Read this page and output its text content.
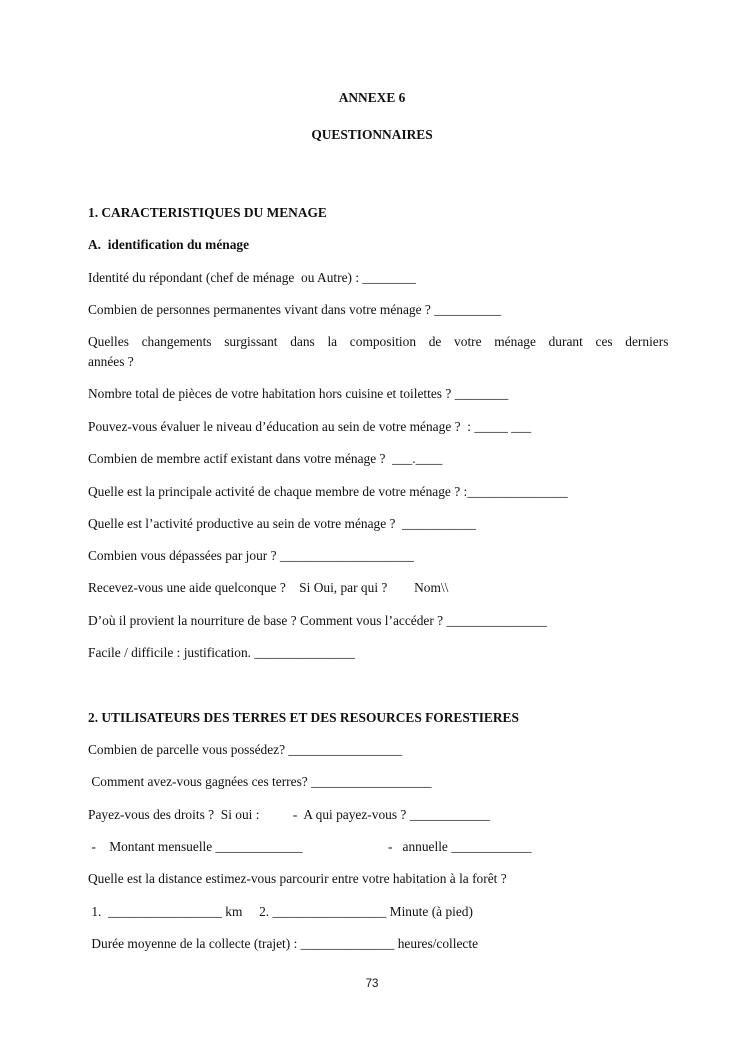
ANNEXE 6
QUESTIONNAIRES
1. CARACTERISTIQUES DU MENAGE
A.  identification du ménage
Identité du répondant (chef de ménage  ou Autre) : ________
Combien de personnes permanentes vivant dans votre ménage ? __________
Quelles  changements  surgissant  dans  la  composition  de  votre  ménage  durant  ces  derniers
années ?
Nombre total de pièces de votre habitation hors cuisine et toilettes ? ________
Pouvez-vous évaluer le niveau d’éducation au sein de votre ménage ?  : _____ ___
Combien de membre actif existant dans votre ménage ?  ___.____
Quelle est la principale activité de chaque membre de votre ménage ? :_______________
Quelle est l’activité productive au sein de votre ménage ?  ___________
Combien vous dépassées par jour ? ____________________
Recevez-vous une aide quelconque ?    Si Oui, par qui ?        Nom\\
D’où il provient la nourriture de base ? Comment vous l’accéder ? _______________
Facile / difficile : justification. _______________
2. UTILISATEURS DES TERRES ET DES RESOURCES FORESTIERES
Combien de parcelle vous possédez? _________________
Comment avez-vous gagnées ces terres? __________________
Payez-vous des droits ?  Si oui :          -  A qui payez-vous ? ____________
-    Montant mensuelle _____________	-   annuelle ____________
Quelle est la distance estimez-vous parcourir entre votre habitation à la forêt ?
1.  _________________ km     2. _________________ Minute (à pied)
Durée moyenne de la collecte (trajet) : ______________ heures/collecte
73
